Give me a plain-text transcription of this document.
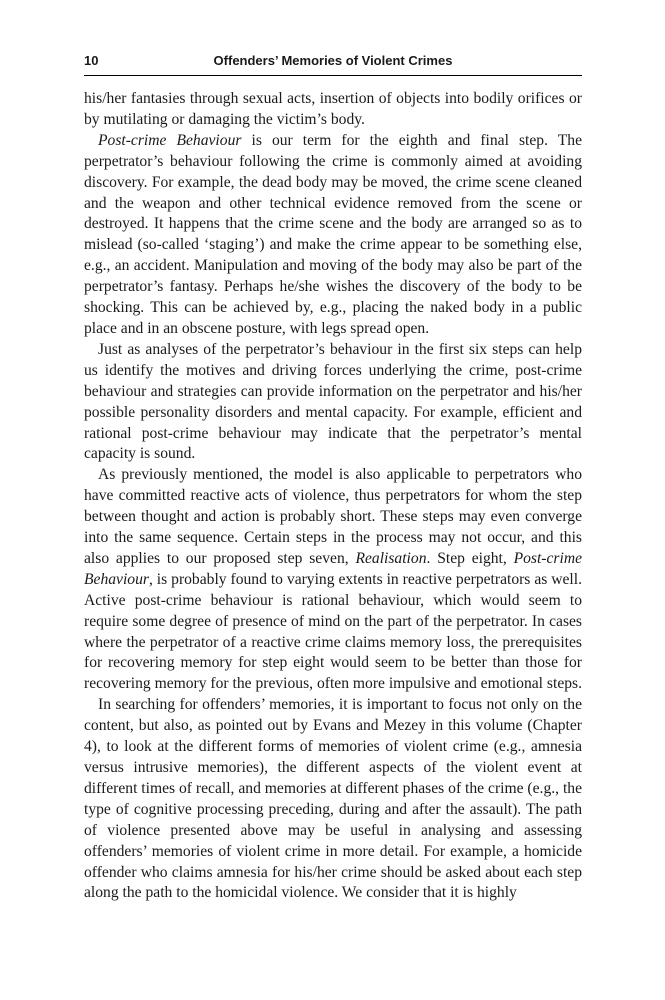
10	Offenders’ Memories of Violent Crimes

his/her fantasies through sexual acts, insertion of objects into bodily orifices or by mutilating or damaging the victim’s body.

Post-crime Behaviour is our term for the eighth and final step. The perpetrator’s behaviour following the crime is commonly aimed at avoiding discovery. For example, the dead body may be moved, the crime scene cleaned and the weapon and other technical evidence removed from the scene or destroyed. It happens that the crime scene and the body are arranged so as to mislead (so-called ‘staging’) and make the crime appear to be something else, e.g., an accident. Manipulation and moving of the body may also be part of the perpetrator’s fantasy. Perhaps he/she wishes the discovery of the body to be shocking. This can be achieved by, e.g., placing the naked body in a public place and in an obscene posture, with legs spread open.

Just as analyses of the perpetrator’s behaviour in the first six steps can help us identify the motives and driving forces underlying the crime, post-crime behaviour and strategies can provide information on the perpetrator and his/her possible personality disorders and mental capacity. For example, efficient and rational post-crime behaviour may indicate that the perpetrator’s mental capacity is sound.

As previously mentioned, the model is also applicable to perpetrators who have committed reactive acts of violence, thus perpetrators for whom the step between thought and action is probably short. These steps may even converge into the same sequence. Certain steps in the process may not occur, and this also applies to our proposed step seven, Realisation. Step eight, Post-crime Behaviour, is probably found to varying extents in reactive perpetrators as well. Active post-crime behaviour is rational behaviour, which would seem to require some degree of presence of mind on the part of the perpetrator. In cases where the perpetrator of a reactive crime claims memory loss, the prerequisites for recovering memory for step eight would seem to be better than those for recovering memory for the previous, often more impulsive and emotional steps.

In searching for offenders’ memories, it is important to focus not only on the content, but also, as pointed out by Evans and Mezey in this volume (Chapter 4), to look at the different forms of memories of violent crime (e.g., amnesia versus intrusive memories), the different aspects of the violent event at different times of recall, and memories at different phases of the crime (e.g., the type of cognitive processing preceding, during and after the assault). The path of violence presented above may be useful in analysing and assessing offenders’ memories of violent crime in more detail. For example, a homicide offender who claims amnesia for his/her crime should be asked about each step along the path to the homicidal violence. We consider that it is highly
